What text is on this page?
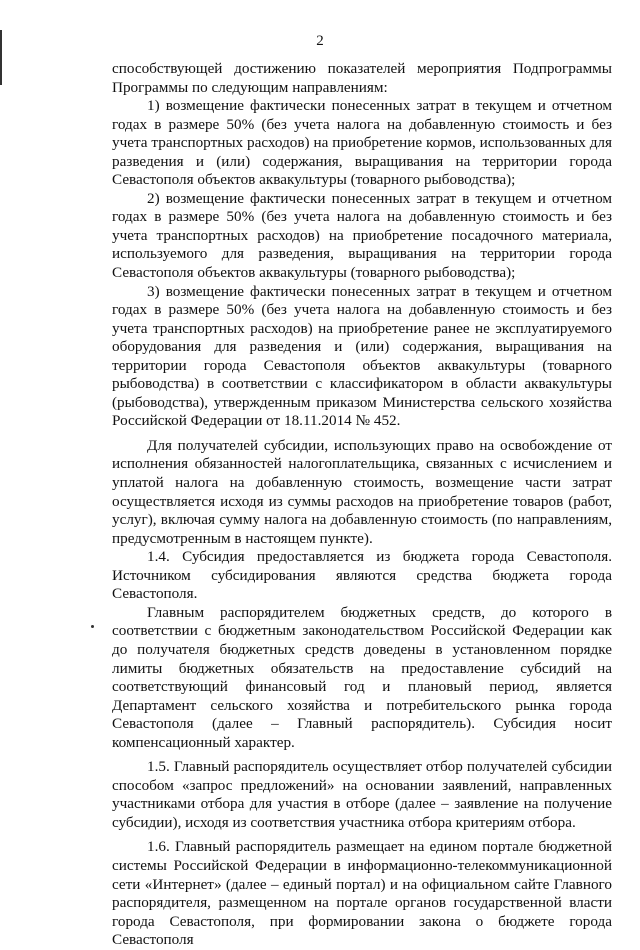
2

способствующей достижению показателей мероприятия Подпрограммы Программы по следующим направлениям:

1) возмещение фактически понесенных затрат в текущем и отчетном годах в размере 50% (без учета налога на добавленную стоимость и без учета транспортных расходов) на приобретение кормов, использованных для разведения и (или) содержания, выращивания на территории города Севастополя объектов аквакультуры (товарного рыбоводства);

2) возмещение фактически понесенных затрат в текущем и отчетном годах в размере 50% (без учета налога на добавленную стоимость и без учета транспортных расходов) на приобретение посадочного материала, используемого для разведения, выращивания на территории города Севастополя объектов аквакультуры (товарного рыбоводства);

3) возмещение фактически понесенных затрат в текущем и отчетном годах в размере 50% (без учета налога на добавленную стоимость и без учета транспортных расходов) на приобретение ранее не эксплуатируемого оборудования для разведения и (или) содержания, выращивания на территории города Севастополя объектов аквакультуры (товарного рыбоводства) в соответствии с классификатором в области аквакультуры (рыбоводства), утвержденным приказом Министерства сельского хозяйства Российской Федерации от 18.11.2014 № 452.

Для получателей субсидии, использующих право на освобождение от исполнения обязанностей налогоплательщика, связанных с исчислением и уплатой налога на добавленную стоимость, возмещение части затрат осуществляется исходя из суммы расходов на приобретение товаров (работ, услуг), включая сумму налога на добавленную стоимость (по направлениям, предусмотренным в настоящем пункте).

1.4. Субсидия предоставляется из бюджета города Севастополя. Источником субсидирования являются средства бюджета города Севастополя.

Главным распорядителем бюджетных средств, до которого в соответствии с бюджетным законодательством Российской Федерации как до получателя бюджетных средств доведены в установленном порядке лимиты бюджетных обязательств на предоставление субсидий на соответствующий финансовый год и плановый период, является Департамент сельского хозяйства и потребительского рынка города Севастополя (далее – Главный распорядитель). Субсидия носит компенсационный характер.

1.5. Главный распорядитель осуществляет отбор получателей субсидии способом «запрос предложений» на основании заявлений, направленных участниками отбора для участия в отборе (далее – заявление на получение субсидии), исходя из соответствия участника отбора критериям отбора.

1.6. Главный распорядитель размещает на едином портале бюджетной системы Российской Федерации в информационно-телекоммуникационной сети «Интернет» (далее – единый портал) и на официальном сайте Главного распорядителя, размещенном на портале органов государственной власти города Севастополя, при формировании закона о бюджете города Севастополя
